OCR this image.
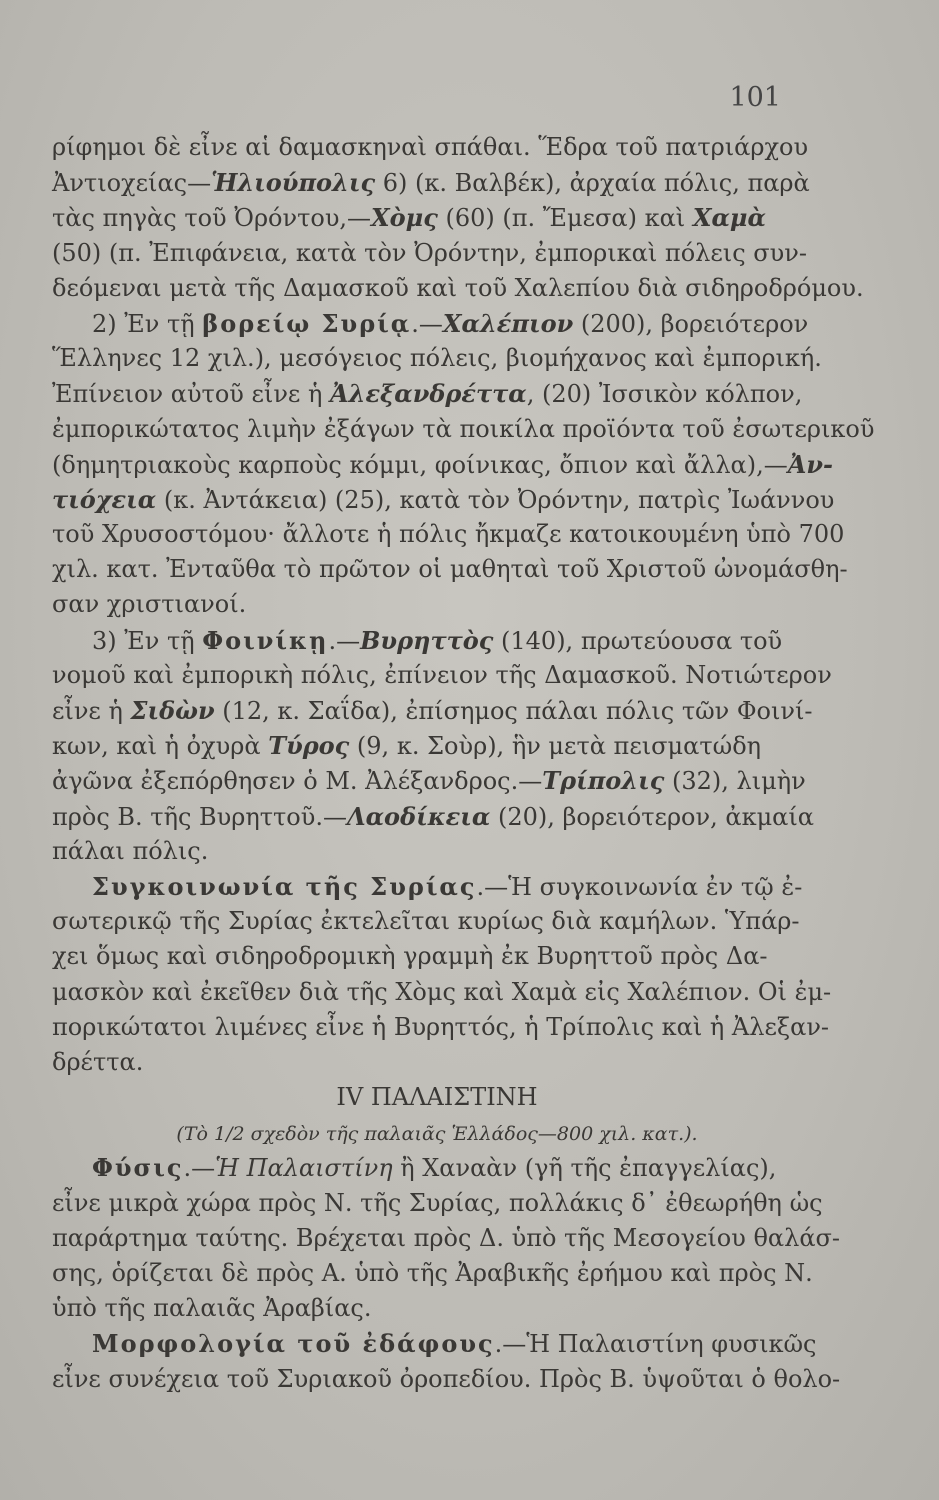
101
ρίφημοι δὲ εἶνε αἱ δαμασκηναὶ σπάθαι. Ἕδρα τοῦ πατριάρχου
Ἀντιοχείας—Ἡλιούπολις 6) (κ. Βαλβέκ), ἀρχαία πόλις, παρὰ
τὰς πηγὰς τοῦ Ὀρόντου,—Χὸμς (60) (π. Ἔμεσα) καὶ Χαμὰ
(50) (π. Ἐπιφάνεια, κατὰ τὸν Ὀρόντην, ἐμπορικαὶ πόλεις συν-
δεόμεναι μετὰ τῆς Δαμασκοῦ καὶ τοῦ Χαλεπίου διὰ σιδηροδρόμου.
2) Ἐν τῇ βορείῳ Συρίᾳ.—Χαλέπιον (200), βορειότερον
Ἕλληνες 12 χιλ.), μεσόγειος πόλεις, βιομήχανος καὶ ἐμπορική.
Ἐπίνειον αὐτοῦ εἶνε ἡ Ἀλεξανδρέττα, (20) Ἰσσικὸν κόλπον,
ἐμπορικώτατος λιμὴν ἐξάγων τὰ ποικίλα προϊόντα τοῦ ἐσωτερικοῦ
(δημητριακοὺς καρποὺς κόμμι, φοίνικας, ὄπιον καὶ ἄλλα),—Ἀν-
τιόχεια (κ. Ἀντάκεια) (25), κατὰ τὸν Ὀρόντην, πατρὶς Ἰωάννου
τοῦ Χρυσοστόμου· ἄλλοτε ἡ πόλις ἤκμαζε κατοικουμένη ὑπὸ 700
χιλ. κατ. Ἐνταῦθα τὸ πρῶτον οἱ μαθηταὶ τοῦ Χριστοῦ ὠνομάσθη-
σαν χριστιανοί.
3) Ἐν τῇ Φοινίκῃ.—Βυρηττὸς (140), πρωτεύουσα τοῦ
νομοῦ καὶ ἐμπορικὴ πόλις, ἐπίνειον τῆς Δαμασκοῦ. Νοτιώτερον
εἶνε ἡ Σιδὼν (12, κ. Σαΐδα), ἐπίσημος πάλαι πόλις τῶν Φοινί-
κων, καὶ ἡ ὀχυρὰ Τύρος (9, κ. Σοὺρ), ἣν μετὰ πεισματώδη
ἀγῶνα ἐξεπόρθησεν ὁ Μ. Ἀλέξανδρος.—Τρίπολις (32), λιμὴν
πρὸς Β. τῆς Βυρηττοῦ.—Λαοδίκεια (20), βορειότερον, ἀκμαία
πάλαι πόλις.
Συγκοινωνία τῆς Συρίας.—Ἡ συγκοινωνία ἐν τῷ ἐ-
σωτερικῷ τῆς Συρίας ἐκτελεῖται κυρίως διὰ καμήλων. Ὑπάρ-
χει ὅμως καὶ σιδηροδρομικὴ γραμμὴ ἐκ Βυρηττοῦ πρὸς Δα-
μασκὸν καὶ ἐκεῖθεν διὰ τῆς Χὸμς καὶ Χαμὰ εἰς Χαλέπιον. Οἱ ἐμ-
πορικώτατοι λιμένες εἶνε ἡ Βυρηττός, ἡ Τρίπολις καὶ ἡ Ἀλεξαν-
δρέττα.
IV ΠΑΛΑΙΣΤΙΝΗ
(Τὸ 1/2 σχεδὸν τῆς παλαιᾶς Ἑλλάδος—800 χιλ. κατ.).
Φύσις.—Ἡ Παλαιστίνη ἢ Χαναὰν (γῆ τῆς ἐπαγγελίας),
εἶνε μικρὰ χώρα πρὸς Ν. τῆς Συρίας, πολλάκις δ᾽ ἐθεωρήθη ὡς
παράρτημα ταύτης. Βρέχεται πρὸς Δ. ὑπὸ τῆς Μεσογείου θαλάσ-
σης, ὁρίζεται δὲ πρὸς Α. ὑπὸ τῆς Ἀραβικῆς ἐρήμου καὶ πρὸς Ν.
ὑπὸ τῆς παλαιᾶς Ἀραβίας.
Μορφολογία τοῦ ἐδάφους.—Ἡ Παλαιστίνη φυσικῶς
εἶνε συνέχεια τοῦ Συριακοῦ ὀροπεδίου. Πρὸς Β. ὑψοῦται ὁ θολο-
